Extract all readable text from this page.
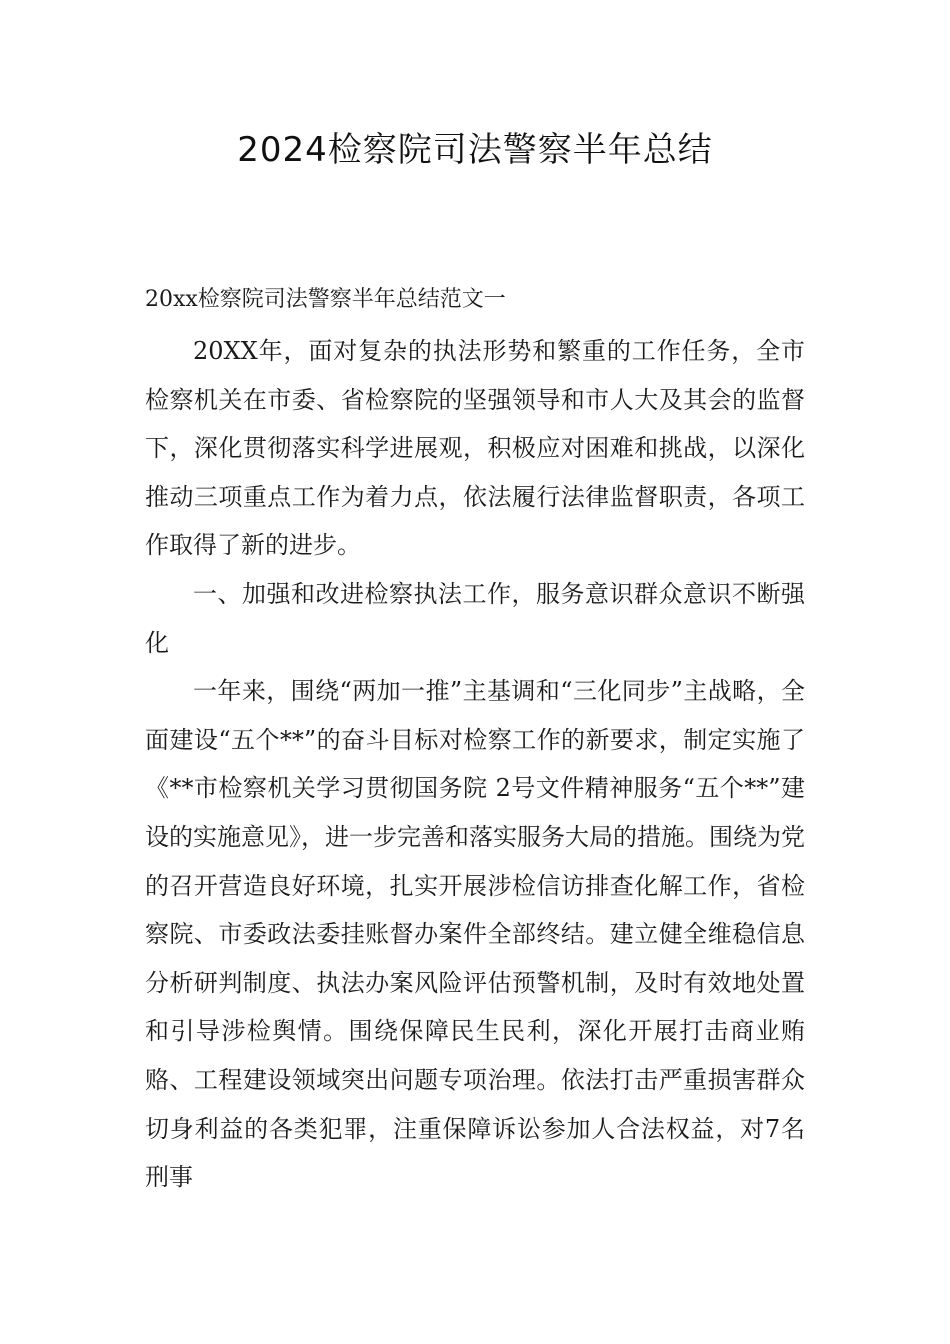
2024检察院司法警察半年总结

20xx检察院司法警察半年总结范文一

20XX年，面对复杂的执法形势和繁重的工作任务，全市检察机关在市委、省检察院的坚强领导和市人大及其会的监督下，深化贯彻落实科学进展观，积极应对困难和挑战，以深化推动三项重点工作为着力点，依法履行法律监督职责，各项工作取得了新的进步。

一、加强和改进检察执法工作，服务意识群众意识不断强化

一年来，围绕“两加一推”主基调和“三化同步”主战略，全面建设“五个**”的奋斗目标对检察工作的新要求，制定实施了《**市检察机关学习贯彻国务院 2号文件精神服务“五个**”建设的实施意见》，进一步完善和落实服务大局的措施。围绕为党的召开营造良好环境，扎实开展涉检信访排查化解工作，省检察院、市委政法委挂账督办案件全部终结。建立健全维稳信息分析研判制度、执法办案风险评估预警机制，及时有效地处置和引导涉检舆情。围绕保障民生民利，深化开展打击商业贿赂、工程建设领域突出问题专项治理。依法打击严重损害群众切身利益的各类犯罪，注重保障诉讼参加人合法权益，对7名刑事
